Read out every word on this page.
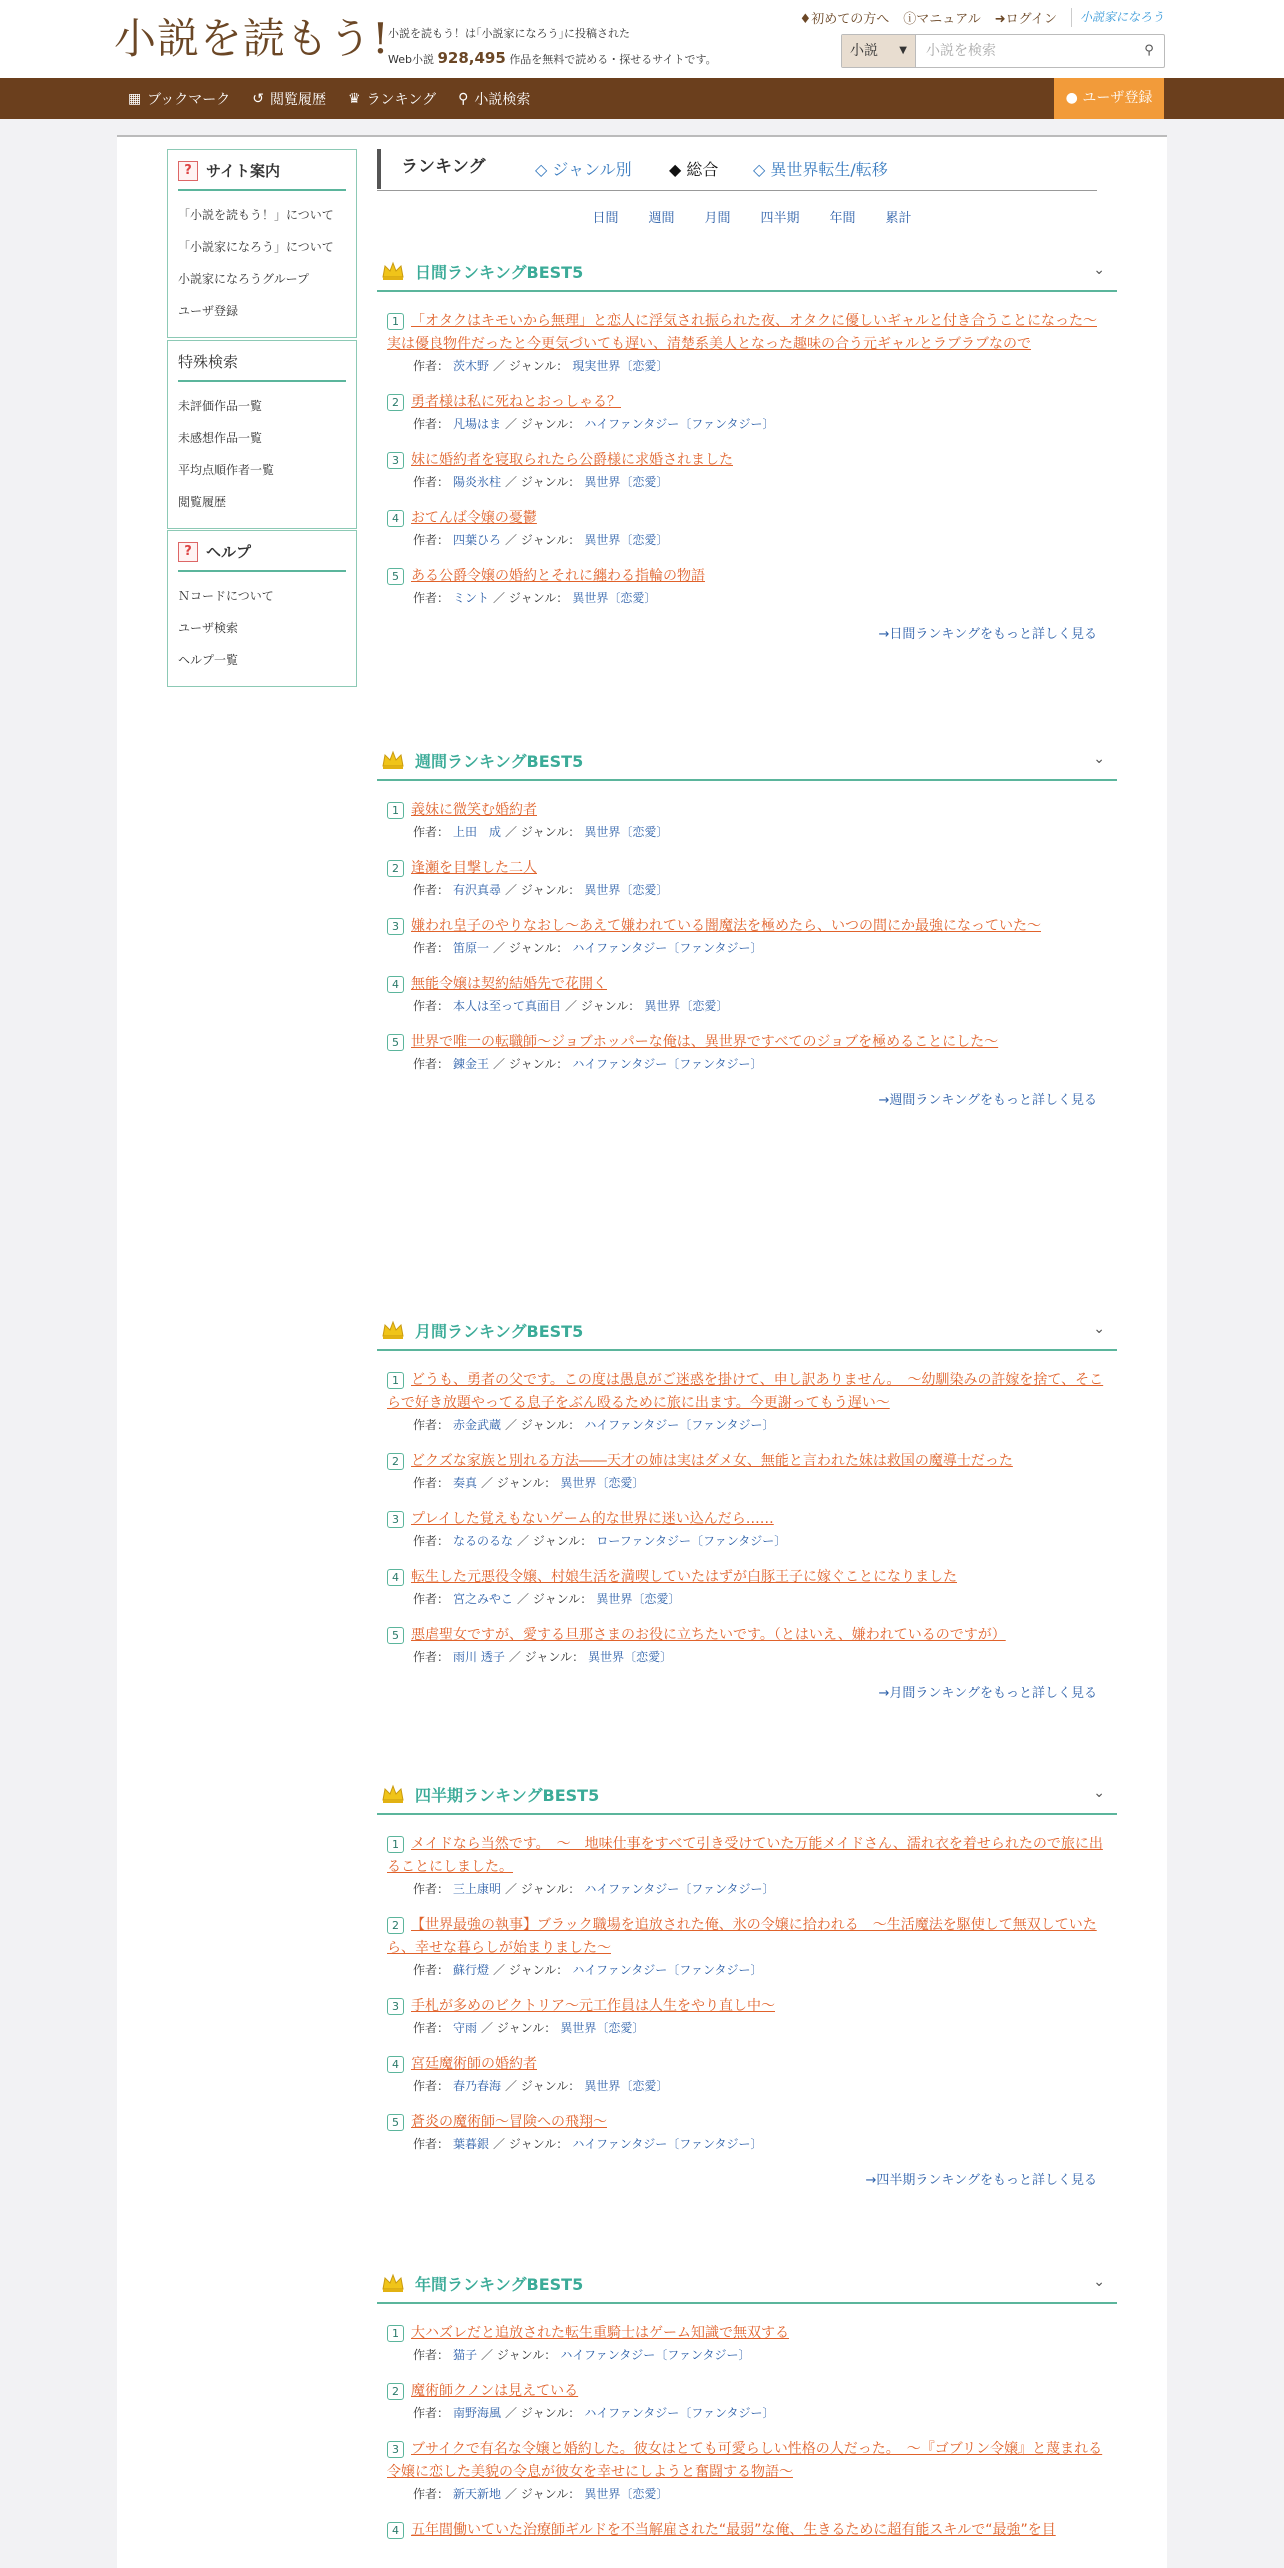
小説を読もう!
小説を読もう！は｢小説家になろう｣に投稿された
Web小説 928,495 作品を無料で読める・探せるサイトです。
♦初めての方へ ⓘマニュアル ➜ログイン	小説家になろう
小説 ▼
小説を検索	⚲
▦ ブックマーク ↺ 閲覧履歴 ♛ ランキング ⚲ 小説検索	● ユーザ登録
? サイト案内
「小説を読もう！」について
「小説家になろう」について
小説家になろうグループ
ユーザ登録
特殊検索
未評価作品一覧
未感想作品一覧
平均点順作者一覧
閲覧履歴
? ヘルプ
Ｎコードについて
ユーザ検索
ヘルプ一覧
ランキング	◇ ジャンル別 ◆ 総合 ◇ 異世界転生/転移
日間 週間 月間 四半期 年間 累計
日間ランキングBEST5	⌄
1 「オタクはキモいから無理」と恋人に浮気され振られた夜、オタクに優しいギャルと付き合うことになった〜実は優良物件だったと今更気づいても遅い、清楚系美人となった趣味の合う元ギャルとラブラブなので
作者： 茨木野 ／ ジャンル： 現実世界〔恋愛〕
2 勇者様は私に死ねとおっしゃる？
作者： 凡場はま ／ ジャンル： ハイファンタジー〔ファンタジー〕
3 妹に婚約者を寝取られたら公爵様に求婚されました
作者： 陽炎氷柱 ／ ジャンル： 異世界〔恋愛〕
4 おてんば令嬢の憂鬱
作者： 四葉ひろ ／ ジャンル： 異世界〔恋愛〕
5 ある公爵令嬢の婚約とそれに纏わる指輪の物語
作者： ミント ／ ジャンル： 異世界〔恋愛〕
→日間ランキングをもっと詳しく見る
週間ランキングBEST5	⌄
1 義妹に微笑む婚約者
作者： 上田　成 ／ ジャンル： 異世界〔恋愛〕
2 逢瀬を目撃した二人
作者： 有沢真尋 ／ ジャンル： 異世界〔恋愛〕
3 嫌われ皇子のやりなおし～あえて嫌われている闇魔法を極めたら、いつの間にか最強になっていた～
作者： 笛原一 ／ ジャンル： ハイファンタジー〔ファンタジー〕
4 無能令嬢は契約結婚先で花開く
作者： 本人は至って真面目 ／ ジャンル： 異世界〔恋愛〕
5 世界で唯一の転職師～ジョブホッパーな俺は、異世界ですべてのジョブを極めることにした～
作者： 錬金王 ／ ジャンル： ハイファンタジー〔ファンタジー〕
→週間ランキングをもっと詳しく見る
月間ランキングBEST5	⌄
1 どうも、勇者の父です。この度は愚息がご迷惑を掛けて、申し訳ありません。　～幼馴染みの許嫁を捨て、そこらで好き放題やってる息子をぶん殴るために旅に出ます。今更謝ってもう遅い～
作者： 赤金武蔵 ／ ジャンル： ハイファンタジー〔ファンタジー〕
2 どクズな家族と別れる方法――天才の姉は実はダメ女、無能と言われた妹は救国の魔導士だった
作者： 奏真 ／ ジャンル： 異世界〔恋愛〕
3 プレイした覚えもないゲーム的な世界に迷い込んだら……
作者： なるのるな ／ ジャンル： ローファンタジー〔ファンタジー〕
4 転生した元悪役令嬢、村娘生活を満喫していたはずが白豚王子に嫁ぐことになりました
作者： 宮之みやこ ／ ジャンル： 異世界〔恋愛〕
5 悪虐聖女ですが、愛する旦那さまのお役に立ちたいです。（とはいえ、嫌われているのですが）
作者： 雨川 透子 ／ ジャンル： 異世界〔恋愛〕
→月間ランキングをもっと詳しく見る
四半期ランキングBEST5	⌄
1 メイドなら当然です。　～　地味仕事をすべて引き受けていた万能メイドさん、濡れ衣を着せられたので旅に出ることにしました。
作者： 三上康明 ／ ジャンル： ハイファンタジー〔ファンタジー〕
2 【世界最強の執事】ブラック職場を追放された俺、氷の令嬢に拾われる　～生活魔法を駆使して無双していたら、幸せな暮らしが始まりました～
作者： 蘇行燈 ／ ジャンル： ハイファンタジー〔ファンタジー〕
3 手札が多めのビクトリア〜元工作員は人生をやり直し中〜
作者： 守雨 ／ ジャンル： 異世界〔恋愛〕
4 宮廷魔術師の婚約者
作者： 春乃春海 ／ ジャンル： 異世界〔恋愛〕
5 蒼炎の魔術師〜冒険への飛翔〜
作者： 葉暮銀 ／ ジャンル： ハイファンタジー〔ファンタジー〕
→四半期ランキングをもっと詳しく見る
年間ランキングBEST5	⌄
1 大ハズレだと追放された転生重騎士はゲーム知識で無双する
作者： 猫子 ／ ジャンル： ハイファンタジー〔ファンタジー〕
2 魔術師クノンは見えている
作者： 南野海風 ／ ジャンル： ハイファンタジー〔ファンタジー〕
3 ブサイクで有名な令嬢と婚約した。彼女はとても可愛らしい性格の人だった。　～『ゴブリン令嬢』と蔑まれる令嬢に恋した美貌の令息が彼女を幸せにしようと奮闘する物語～
作者： 新天新地 ／ ジャンル： 異世界〔恋愛〕
4 五年間働いていた治療師ギルドを不当解雇された“最弱”な俺、生きるために超有能スキルで“最強”を目
